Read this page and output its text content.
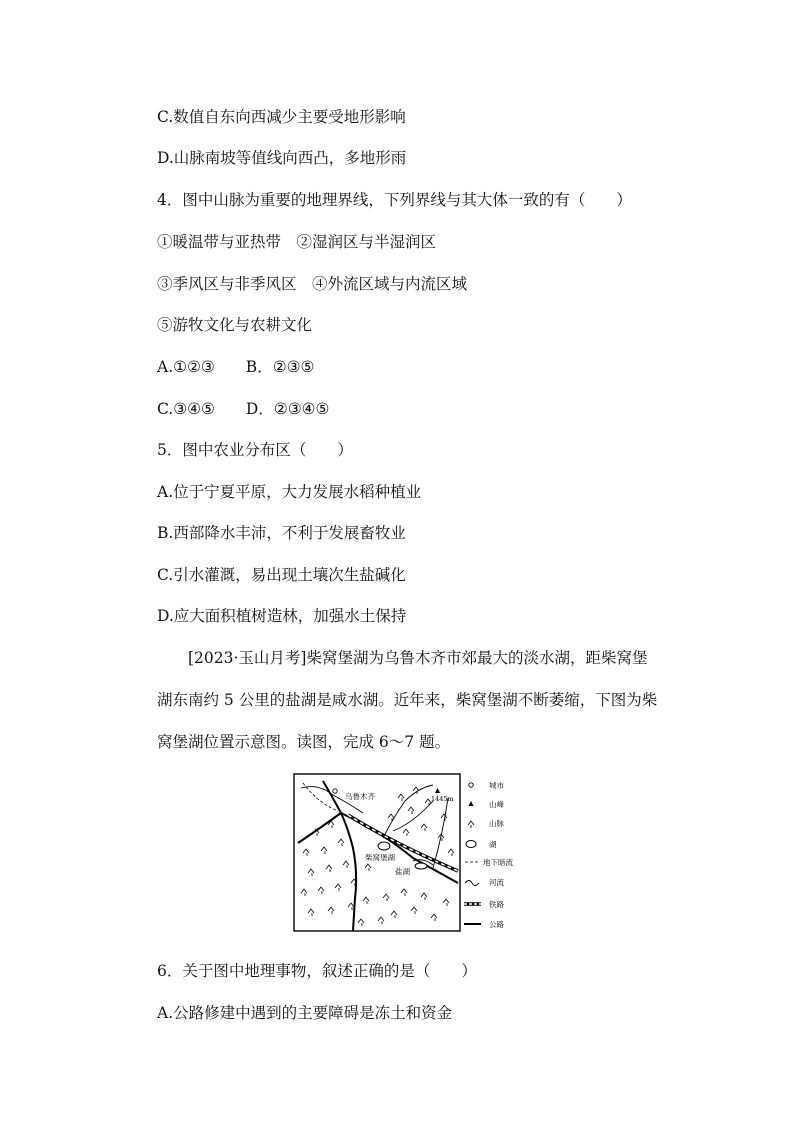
C.数值自东向西减少主要受地形影响
D.山脉南坡等值线向西凸，多地形雨
4．图中山脉为重要的地理界线，下列界线与其大体一致的有（　　）
①暖温带与亚热带　②湿润区与半湿润区
③季风区与非季风区　④外流区域与内流区域
⑤游牧文化与农耕文化
A.①②③　　B．②③⑤
C.③④⑤　　D．②③④⑤
5．图中农业分布区（　　）
A.位于宁夏平原，大力发展水稻种植业
B.西部降水丰沛，不利于发展畜牧业
C.引水灌溉，易出现土壤次生盐碱化
D.应大面积植树造林，加强水土保持
　　[2023·玉山月考]柴窝堡湖为乌鲁木齐市郊最大的淡水湖，距柴窝堡
湖东南约 5 公里的盐湖是咸水湖。近年来，柴窝堡湖不断萎缩，下图为柴
窝堡湖位置示意图。读图，完成 6～7 题。
乌鲁木齐	1445m
柴窝堡湖
盐湖
城市
山峰
山脉
湖
地下暗流
河流
铁路
公路
6．关于图中地理事物，叙述正确的是（　　）
A.公路修建中遇到的主要障碍是冻土和资金
